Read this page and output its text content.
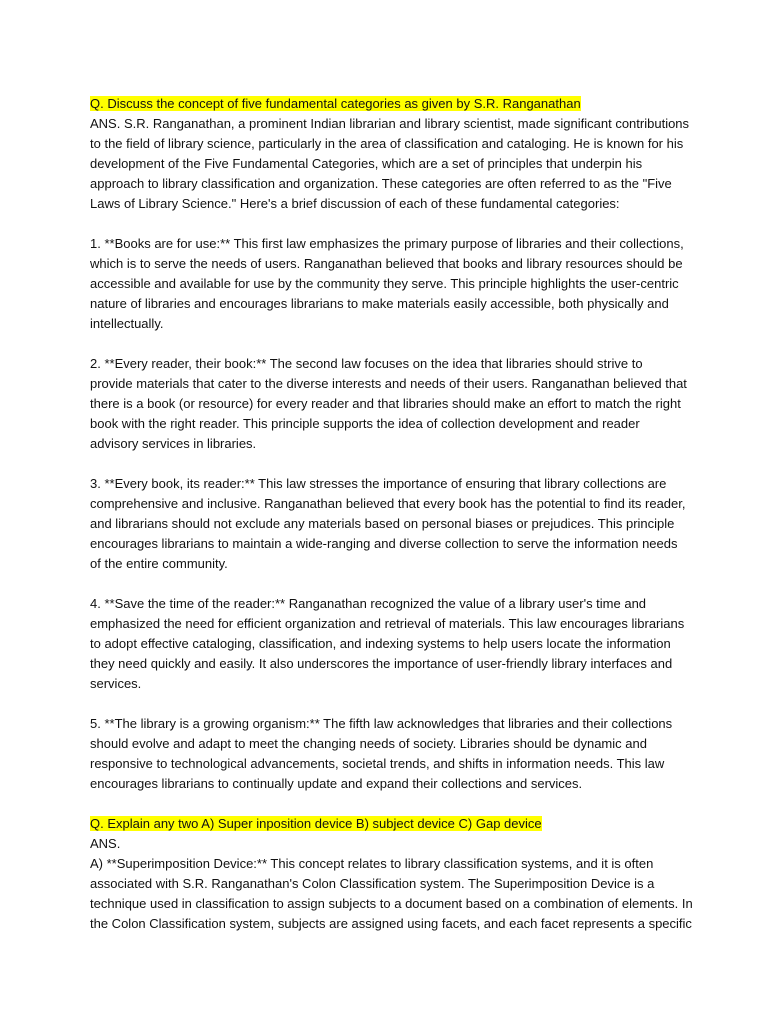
Q. Discuss the concept of five fundamental categories as given by S.R. Ranganathan
ANS. S.R. Ranganathan, a prominent Indian librarian and library scientist, made significant contributions
to the field of library science, particularly in the area of classification and cataloging. He is known for his
development of the Five Fundamental Categories, which are a set of principles that underpin his
approach to library classification and organization. These categories are often referred to as the "Five
Laws of Library Science." Here's a brief discussion of each of these fundamental categories:
1. **Books are for use:** This first law emphasizes the primary purpose of libraries and their collections,
which is to serve the needs of users. Ranganathan believed that books and library resources should be
accessible and available for use by the community they serve. This principle highlights the user-centric
nature of libraries and encourages librarians to make materials easily accessible, both physically and
intellectually.
2. **Every reader, their book:** The second law focuses on the idea that libraries should strive to
provide materials that cater to the diverse interests and needs of their users. Ranganathan believed that
there is a book (or resource) for every reader and that libraries should make an effort to match the right
book with the right reader. This principle supports the idea of collection development and reader
advisory services in libraries.
3. **Every book, its reader:** This law stresses the importance of ensuring that library collections are
comprehensive and inclusive. Ranganathan believed that every book has the potential to find its reader,
and librarians should not exclude any materials based on personal biases or prejudices. This principle
encourages librarians to maintain a wide-ranging and diverse collection to serve the information needs
of the entire community.
4. **Save the time of the reader:** Ranganathan recognized the value of a library user's time and
emphasized the need for efficient organization and retrieval of materials. This law encourages librarians
to adopt effective cataloging, classification, and indexing systems to help users locate the information
they need quickly and easily. It also underscores the importance of user-friendly library interfaces and
services.
5. **The library is a growing organism:** The fifth law acknowledges that libraries and their collections
should evolve and adapt to meet the changing needs of society. Libraries should be dynamic and
responsive to technological advancements, societal trends, and shifts in information needs. This law
encourages librarians to continually update and expand their collections and services.
Q. Explain any two A) Super inposition device B) subject device C) Gap device
ANS.
A) **Superimposition Device:** This concept relates to library classification systems, and it is often
associated with S.R. Ranganathan's Colon Classification system. The Superimposition Device is a
technique used in classification to assign subjects to a document based on a combination of elements. In
the Colon Classification system, subjects are assigned using facets, and each facet represents a specific
